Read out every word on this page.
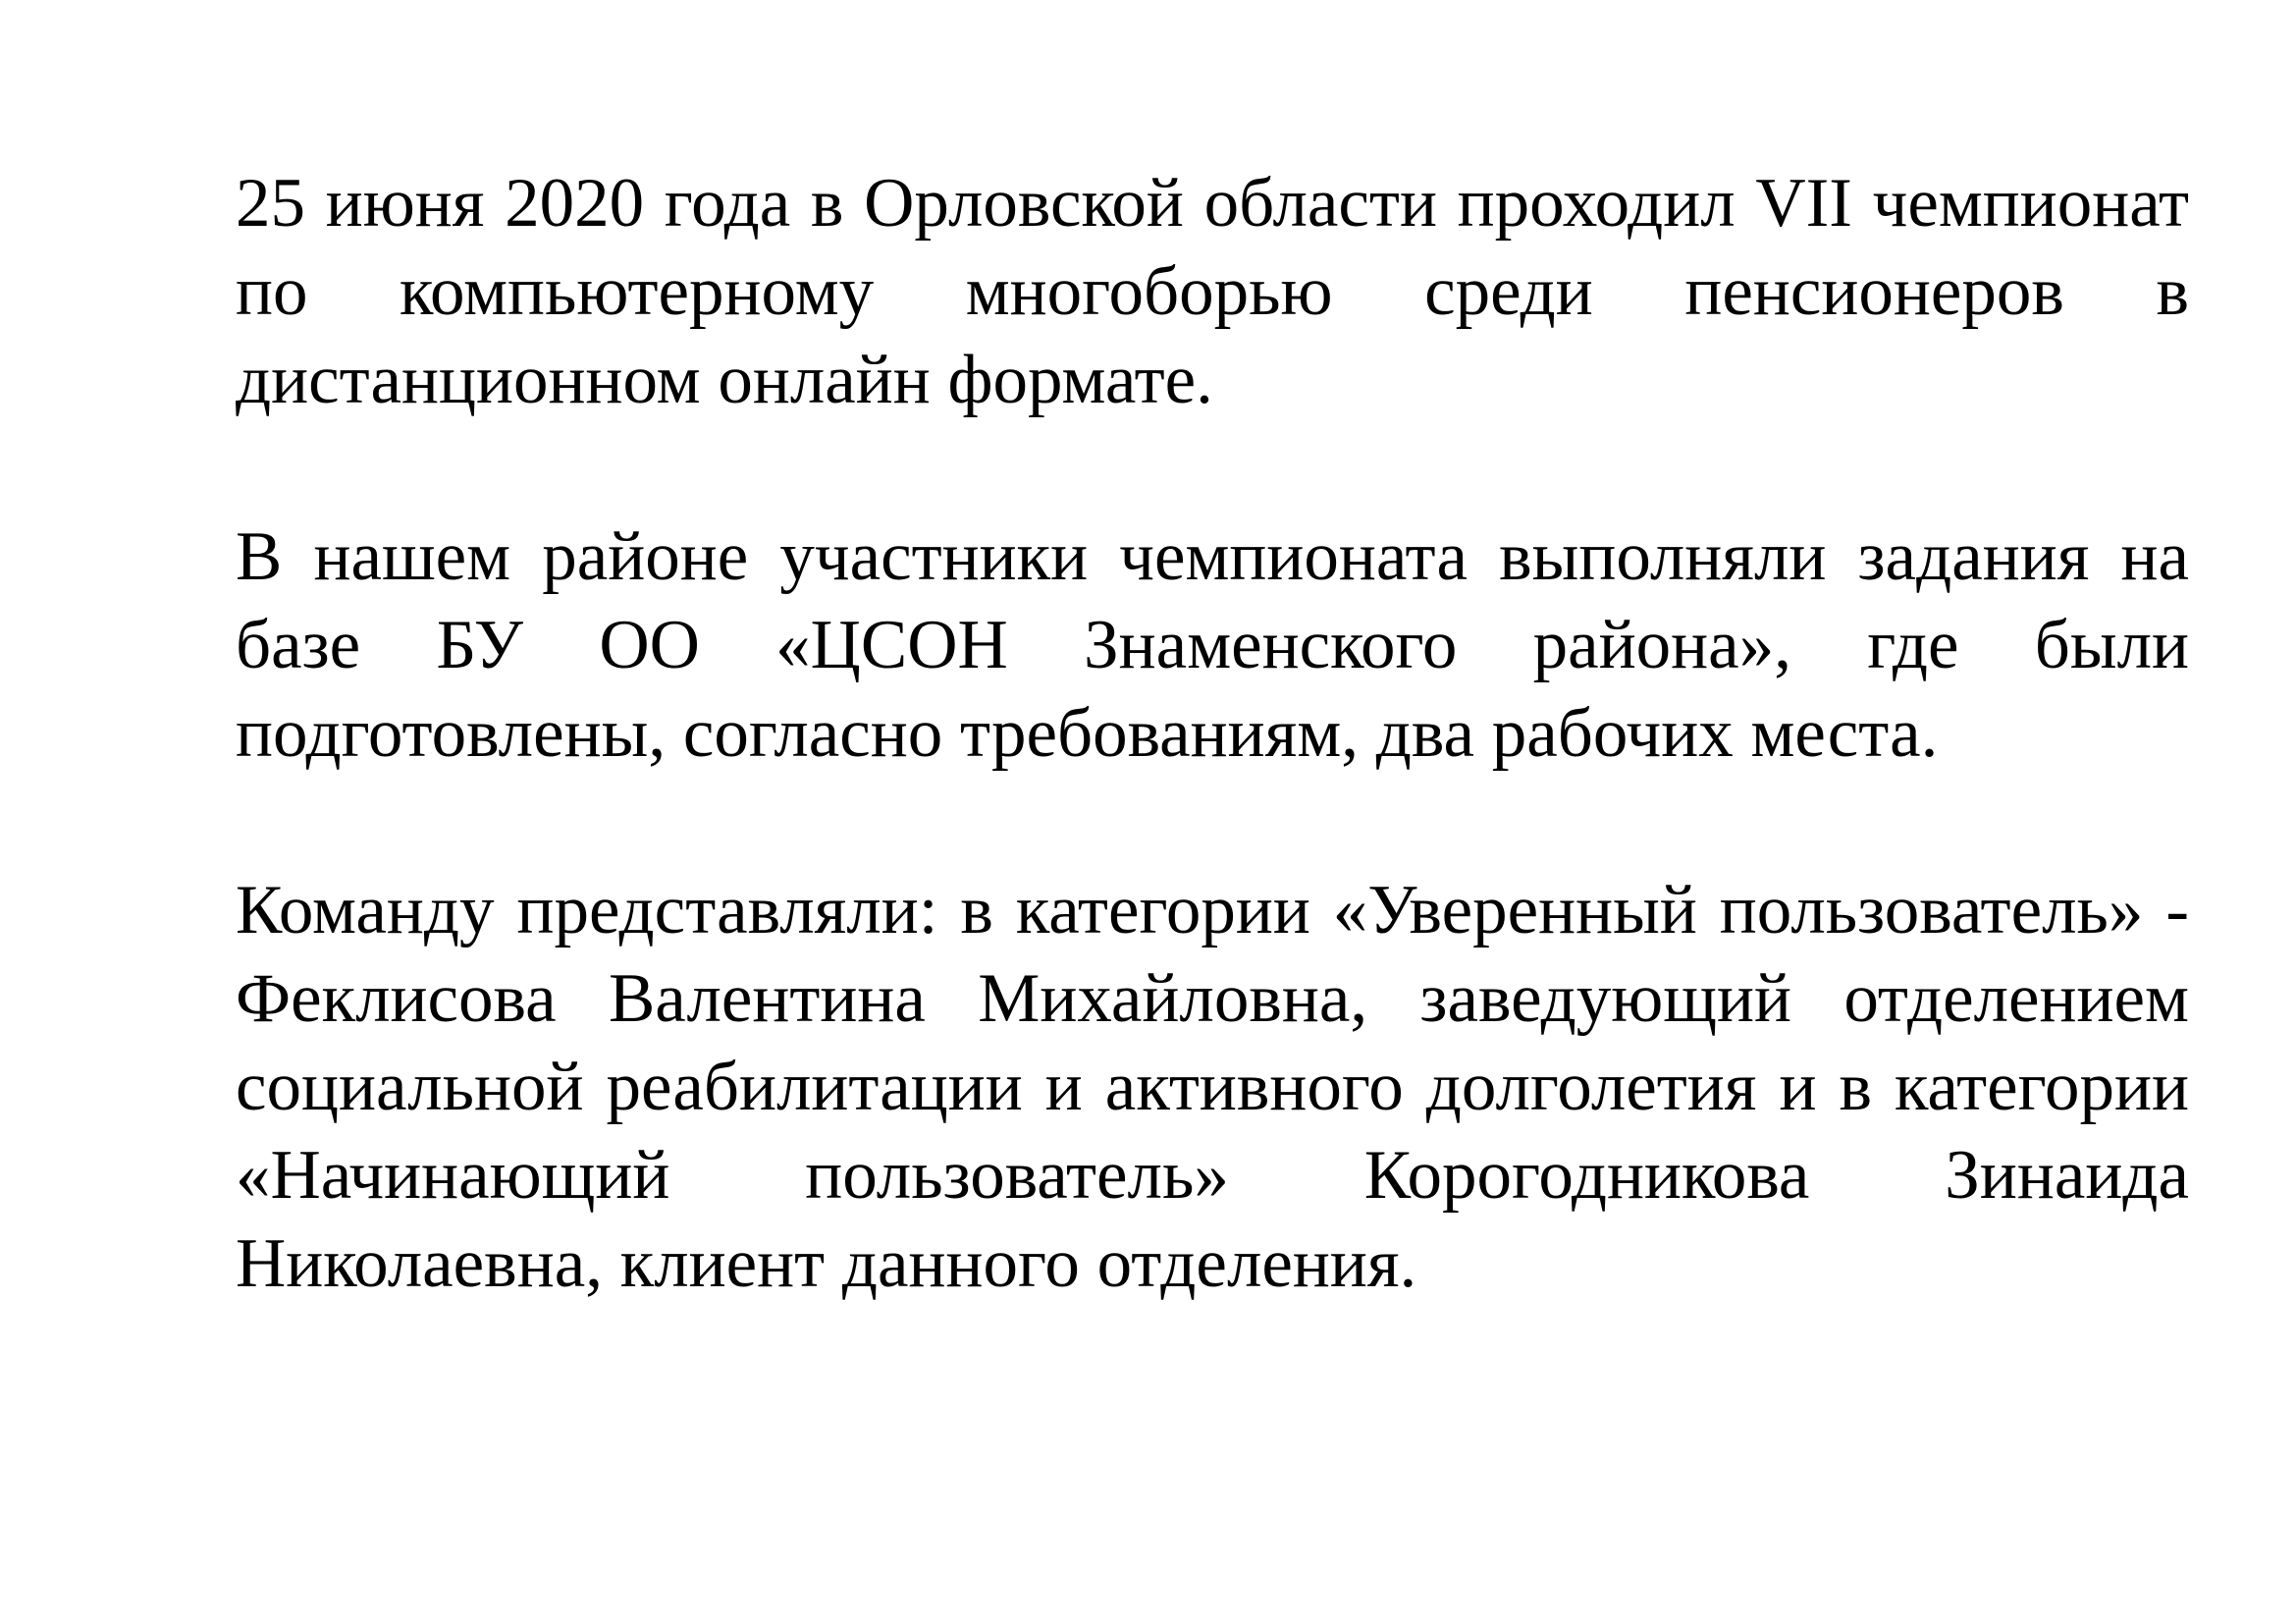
25 июня 2020 года в Орловской области проходил VII чемпионат по компьютерному многоборью среди пенсионеров в дистанционном онлайн формате.

В нашем районе участники чемпионата выполняли задания на базе БУ ОО «ЦСОН Знаменского района», где были подготовлены, согласно требованиям, два рабочих места.

Команду представляли: в категории «Уверенный пользователь» - Феклисова Валентина Михайловна, заведующий отделением социальной реабилитации и активного долголетия и в категории «Начинающий пользователь» Корогодникова Зинаида Николаевна, клиент данного отделения.
